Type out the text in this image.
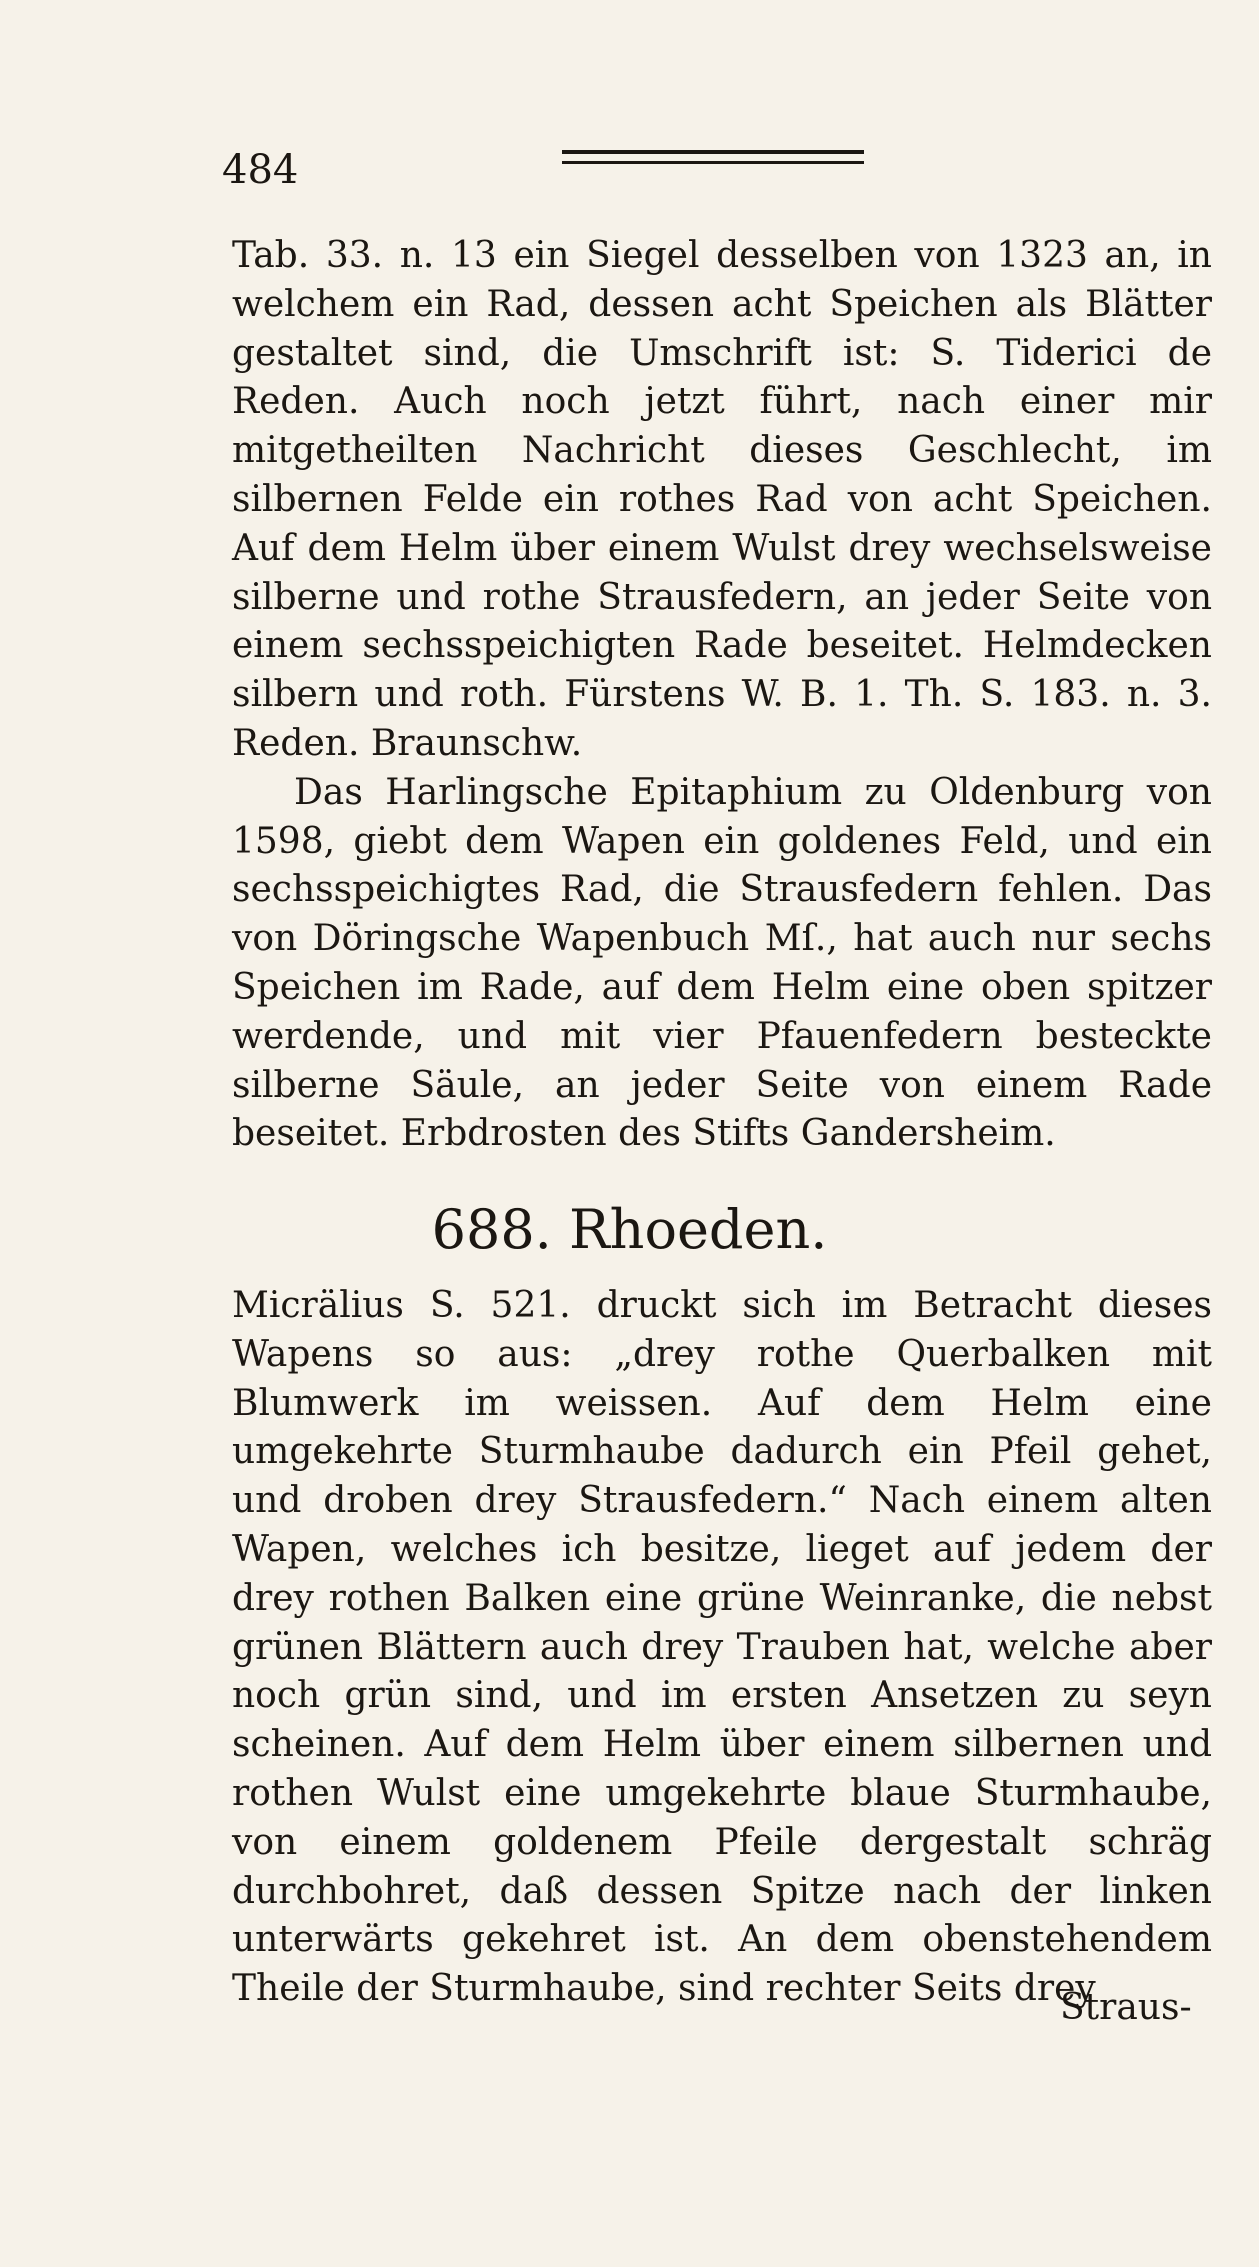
484

Tab. 33. n. 13 ein Siegel desselben von 1323 an, in welchem ein Rad, dessen acht Speichen als Blätter gestaltet sind, die Umschrift ist: S. Tiderici de Reden. Auch noch jetzt führt, nach einer mir mitgetheilten Nachricht dieses Geschlecht, im silbernen Felde ein rothes Rad von acht Speichen. Auf dem Helm über einem Wulst drey wechselsweise silberne und rothe Strausfedern, an jeder Seite von einem sechsspeichigten Rade beseitet. Helmdecken silbern und roth. Fürstens W. B. 1. Th. S. 183. n. 3. Reden. Braunschw.

Das Harlingsche Epitaphium zu Oldenburg von 1598, giebt dem Wapen ein goldenes Feld, und ein sechsspeichigtes Rad, die Strausfedern fehlen. Das von Döringsche Wapenbuch Mſ., hat auch nur sechs Speichen im Rade, auf dem Helm eine oben spitzer werdende, und mit vier Pfauenfedern besteckte silberne Säule, an jeder Seite von einem Rade beseitet. Erbdrosten des Stifts Gandersheim.

688. Rhoeden.

Micrälius S. 521. druckt sich im Betracht dieses Wapens so aus: „drey rothe Querbalken mit Blumwerk im weissen. Auf dem Helm eine umgekehrte Sturmhaube dadurch ein Pfeil gehet, und droben drey Strausfedern.“ Nach einem alten Wapen, welches ich besitze, lieget auf jedem der drey rothen Balken eine grüne Weinranke, die nebst grünen Blättern auch drey Trauben hat, welche aber noch grün sind, und im ersten Ansetzen zu seyn scheinen. Auf dem Helm über einem silbernen und rothen Wulst eine umgekehrte blaue Sturmhaube, von einem goldenem Pfeile dergestalt schräg durchbohret, daß dessen Spitze nach der linken unterwärts gekehret ist. An dem obenstehendem Theile der Sturmhaube, sind rechter Seits drey

Straus-
